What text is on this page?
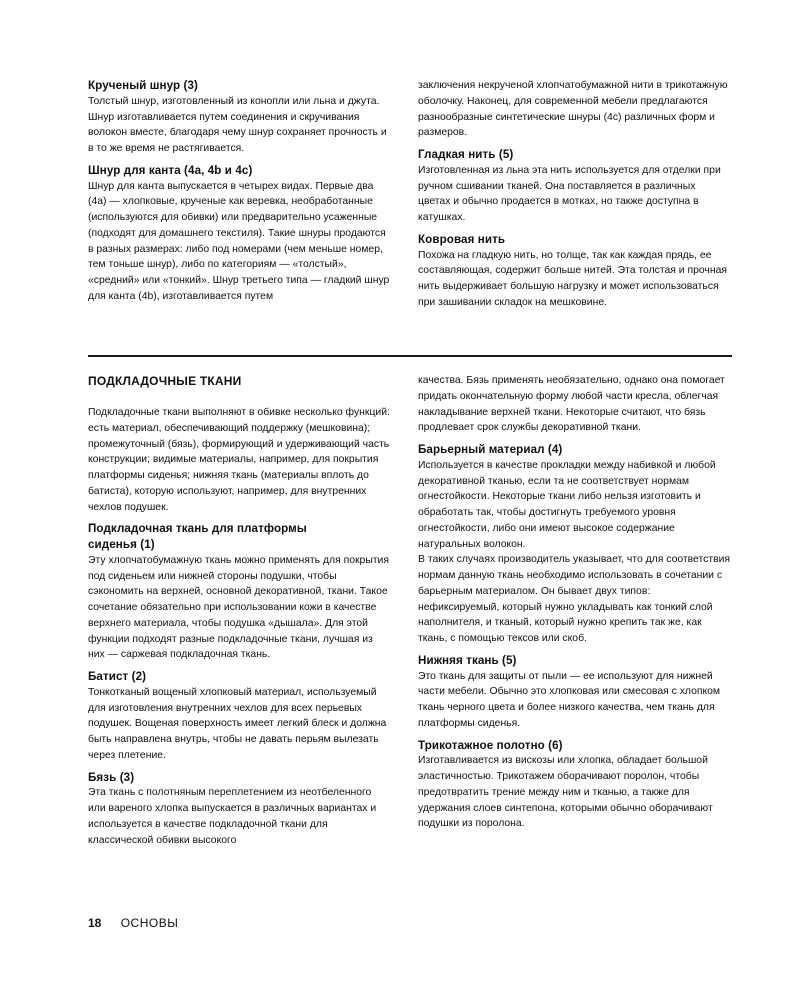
Крученый шнур (3)

Толстый шнур, изготовленный из конопли или льна и джута. Шнур изготавливается путем соединения и скручивания волокон вместе, благодаря чему шнур сохраняет прочность и в то же время не растягивается.

Шнур для канта (4а, 4b и 4с)

Шнур для канта выпускается в четырех видах. Первые два (4а) — хлопковые, крученые как веревка, необработанные (используются для обивки) или предварительно усаженные (подходят для домашнего текстиля). Такие шнуры продаются в разных размерах: либо под номерами (чем меньше номер, тем тоньше шнур), либо по категориям — «толстый», «средний» или «тонкий». Шнур третьего типа — гладкий шнур для канта (4b), изготавливается путем

заключения некрученой хлопчатобумажной нити в трикотажную оболочку. Наконец, для современной мебели предлагаются разнообразные синтетические шнуры (4с) различных форм и размеров.

Гладкая нить (5)

Изготовленная из льна эта нить используется для отделки при ручном сшивании тканей. Она поставляется в различных цветах и обычно продается в мотках, но также доступна в катушках.

Ковровая нить

Похожа на гладкую нить, но толще, так как каждая прядь, ее составляющая, содержит больше нитей. Эта толстая и прочная нить выдерживает большую нагрузку и может использоваться при зашивании складок на мешковине.

ПОДКЛАДОЧНЫЕ ТКАНИ

Подкладочные ткани выполняют в обивке несколько функций: есть материал, обеспечивающий поддержку (мешковина); промежуточный (бязь), формирующий и удерживающий часть конструкции; видимые материалы, например, для покрытия платформы сиденья; нижняя ткань (материалы вплоть до батиста), которую используют, например, для внутренних чехлов подушек.

Подкладочная ткань для платформы сиденья (1)

Эту хлопчатобумажную ткань можно применять для покрытия под сиденьем или нижней стороны подушки, чтобы сэкономить на верхней, основной декоративной, ткани. Такое сочетание обязательно при использовании кожи в качестве верхнего материала, чтобы подушка «дышала». Для этой функции подходят разные подкладочные ткани, лучшая из них — саржевая подкладочная ткань.

Батист (2)

Тонкотканый вощеный хлопковый материал, используемый для изготовления внутренних чехлов для всех перьевых подушек. Вощеная поверхность имеет легкий блеск и должна быть направлена внутрь, чтобы не давать перьям вылезать через плетение.

Бязь (3)

Эта ткань с полотняным переплетением из неотбеленного или вареного хлопка выпускается в различных вариантах и используется в качестве подкладочной ткани для классической обивки высокого

качества. Бязь применять необязательно, однако она помогает придать окончательную форму любой части кресла, облегчая накладывание верхней ткани. Некоторые считают, что бязь продлевает срок службы декоративной ткани.

Барьерный материал (4)

Используется в качестве прокладки между набивкой и любой декоративной тканью, если та не соответствует нормам огнестойкости. Некоторые ткани либо нельзя изготовить и обработать так, чтобы достигнуть требуемого уровня огнестойкости, либо они имеют высокое содержание натуральных волокон.

В таких случаях производитель указывает, что для соответствия нормам данную ткань необходимо использовать в сочетании с барьерным материалом. Он бывает двух типов: нефиксируемый, который нужно укладывать как тонкий слой наполнителя, и тканый, который нужно крепить так же, как ткань, с помощью тексов или скоб.

Нижняя ткань (5)

Это ткань для защиты от пыли — ее используют для нижней части мебели. Обычно это хлопковая или смесовая с хлопком ткань черного цвета и более низкого качества, чем ткань для платформы сиденья.

Трикотажное полотно (6)

Изготавливается из вискозы или хлопка, обладает большой эластичностью. Трикотажем оборачивают поролон, чтобы предотвратить трение между ним и тканью, а также для удержания слоев синтепона, которыми обычно оборачивают подушки из поролона.

18 ОСНОВЫ
